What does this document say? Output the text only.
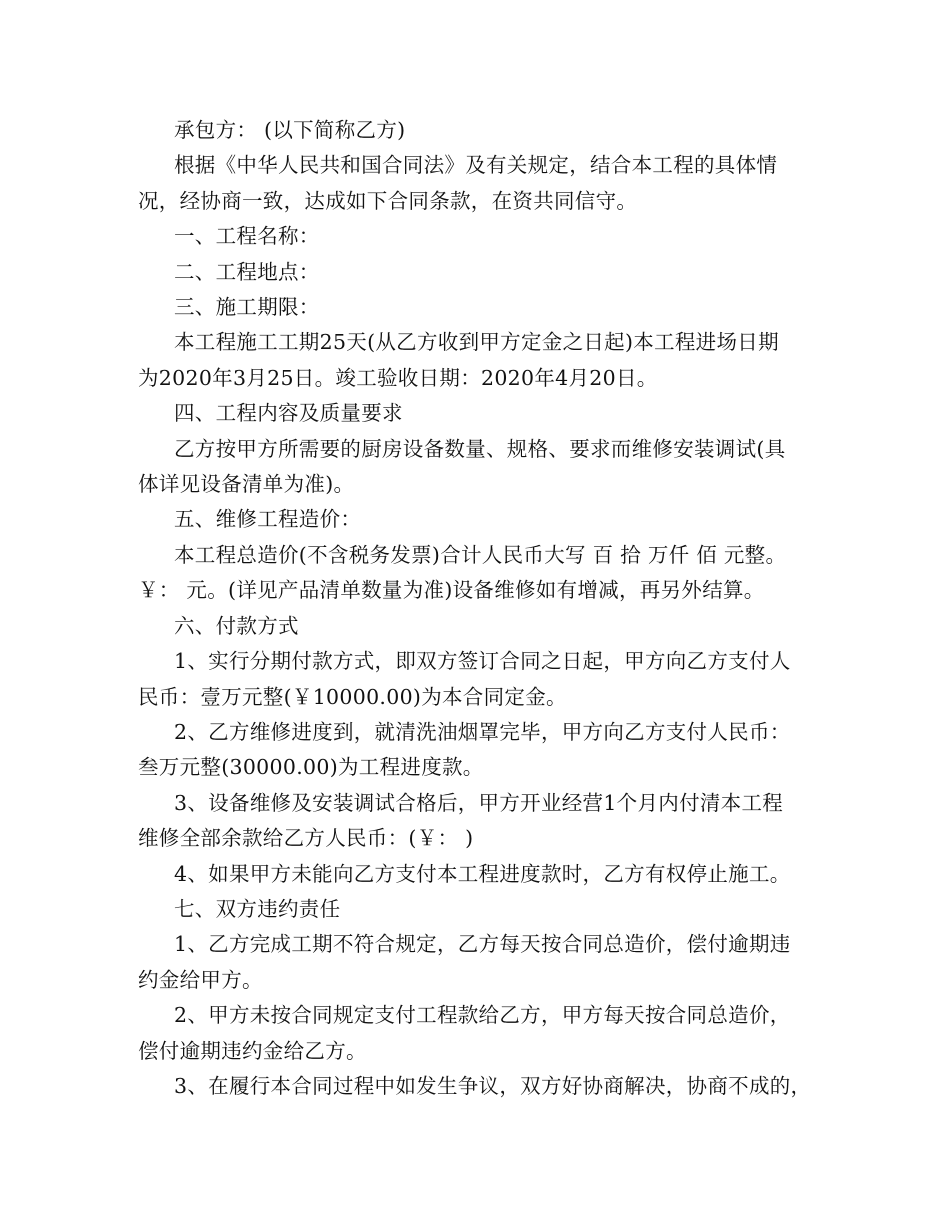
承包方： (以下简称乙方)

根据《中华人民共和国合同法》及有关规定，结合本工程的具体情

况，经协商一致，达成如下合同条款，在资共同信守。

一、工程名称：

二、工程地点：

三、施工期限：

本工程施工工期25天(从乙方收到甲方定金之日起)本工程进场日期

为2020年3月25日。竣工验收日期：2020年4月20日。

四、工程内容及质量要求

乙方按甲方所需要的厨房设备数量、规格、要求而维修安装调试(具

体详见设备清单为准)。

五、维修工程造价：

本工程总造价(不含税务发票)合计人民币大写 百 拾 万仟 佰 元整。

￥： 元。(详见产品清单数量为准)设备维修如有增减，再另外结算。

六、付款方式

1、实行分期付款方式，即双方签订合同之日起，甲方向乙方支付人

民币：壹万元整(￥10000.00)为本合同定金。

2、乙方维修进度到，就清洗油烟罩完毕，甲方向乙方支付人民币：

叁万元整(30000.00)为工程进度款。

3、设备维修及安装调试合格后，甲方开业经营1个月内付清本工程

维修全部余款给乙方人民币：(￥： )

4、如果甲方未能向乙方支付本工程进度款时，乙方有权停止施工。

七、双方违约责任

1、乙方完成工期不符合规定，乙方每天按合同总造价，偿付逾期违

约金给甲方。

2、甲方未按合同规定支付工程款给乙方，甲方每天按合同总造价，

偿付逾期违约金给乙方。

3、在履行本合同过程中如发生争议，双方好协商解决，协商不成的，
